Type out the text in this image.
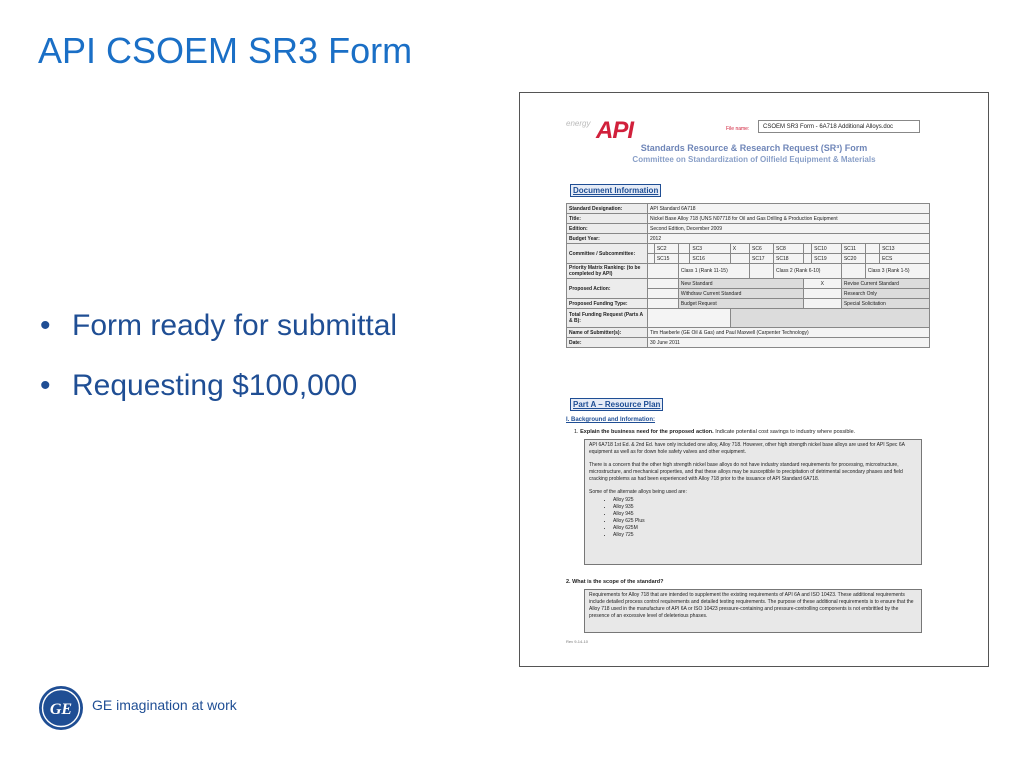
API CSOEM SR3 Form
• Form ready for submittal
• Requesting $100,000
energy API	File name:	CSOEM SR3 Form - 6A718 Additional Alloys.doc
Standards Resource & Research Request (SR³) Form
Committee on Standardization of Oilfield Equipment & Materials
Document Information
Standard Designation:	API Standard 6A718											
Title:	Nickel Base Alloy 718 (UNS N07718 for Oil and Gas Drilling & Production Equipment											
Edition:	Second Edition, December 2009											
Budget Year:	2012											
Committee / Subcommittee:		SC2		SC3	X	SC6	SC8		SC10	SC11		SC13
		SC15		SC16		SC17	SC18		SC19	SC20		ECS
Priority Matrix Ranking: (to be completed by API)			Class 1 (Rank 11-15)				Class 2 (Rank 6-10)				Class 3 (Rank 1-5)	
Proposed Action:			New Standard					X		Revise Current Standard		
			Withdraw Current Standard							Research Only		
Proposed Funding Type:			Budget Request							Special Solicitation		
Total Funding Request (Parts A & B):												
Name of Submitter(s):	Tim Haeberle (GE Oil & Gas) and Paul Maxwell (Carpenter Technology)											
Date:	30 June 2011											
Part A – Resource Plan
I. Background and Information:
1. Explain the business need for the proposed action. Indicate potential cost savings to industry where possible.

API 6A718 1st Ed. & 2nd Ed. have only included one alloy, Alloy 718. However, other high strength nickel base alloys are used for API Spec 6A equipment as well as for down hole safety valves and other equipment.

There is a concern that the other high strength nickel base alloys do not have industry standard requirements for processing, microstructure, microstructure, and mechanical properties, and that these alloys may be susceptible to precipitation of detrimental secondary phases and field cracking problems as had been experienced with Alloy 718 prior to the issuance of API Standard 6A718.

Some of the alternate alloys being used are:

• Alloy 925
• Alloy 935
• Alloy 945
• Alloy 625 Plus
• Alloy 625M
• Alloy 725
2. What is the scope of the standard?
Requirements for Alloy 718 that are intended to supplement the existing requirements of API 6A and ISO 10423. These additional requirements include detailed process control requirements and detailed testing requirements. The purpose of these additional requirements is to ensure that the Alloy 718 used in the manufacture of API 6A or ISO 10423 pressure-containing and pressure-controlling components is not embrittled by the presence of an excessive level of deleterious phases.
Rev 9-14-10
GE GE imagination at work
